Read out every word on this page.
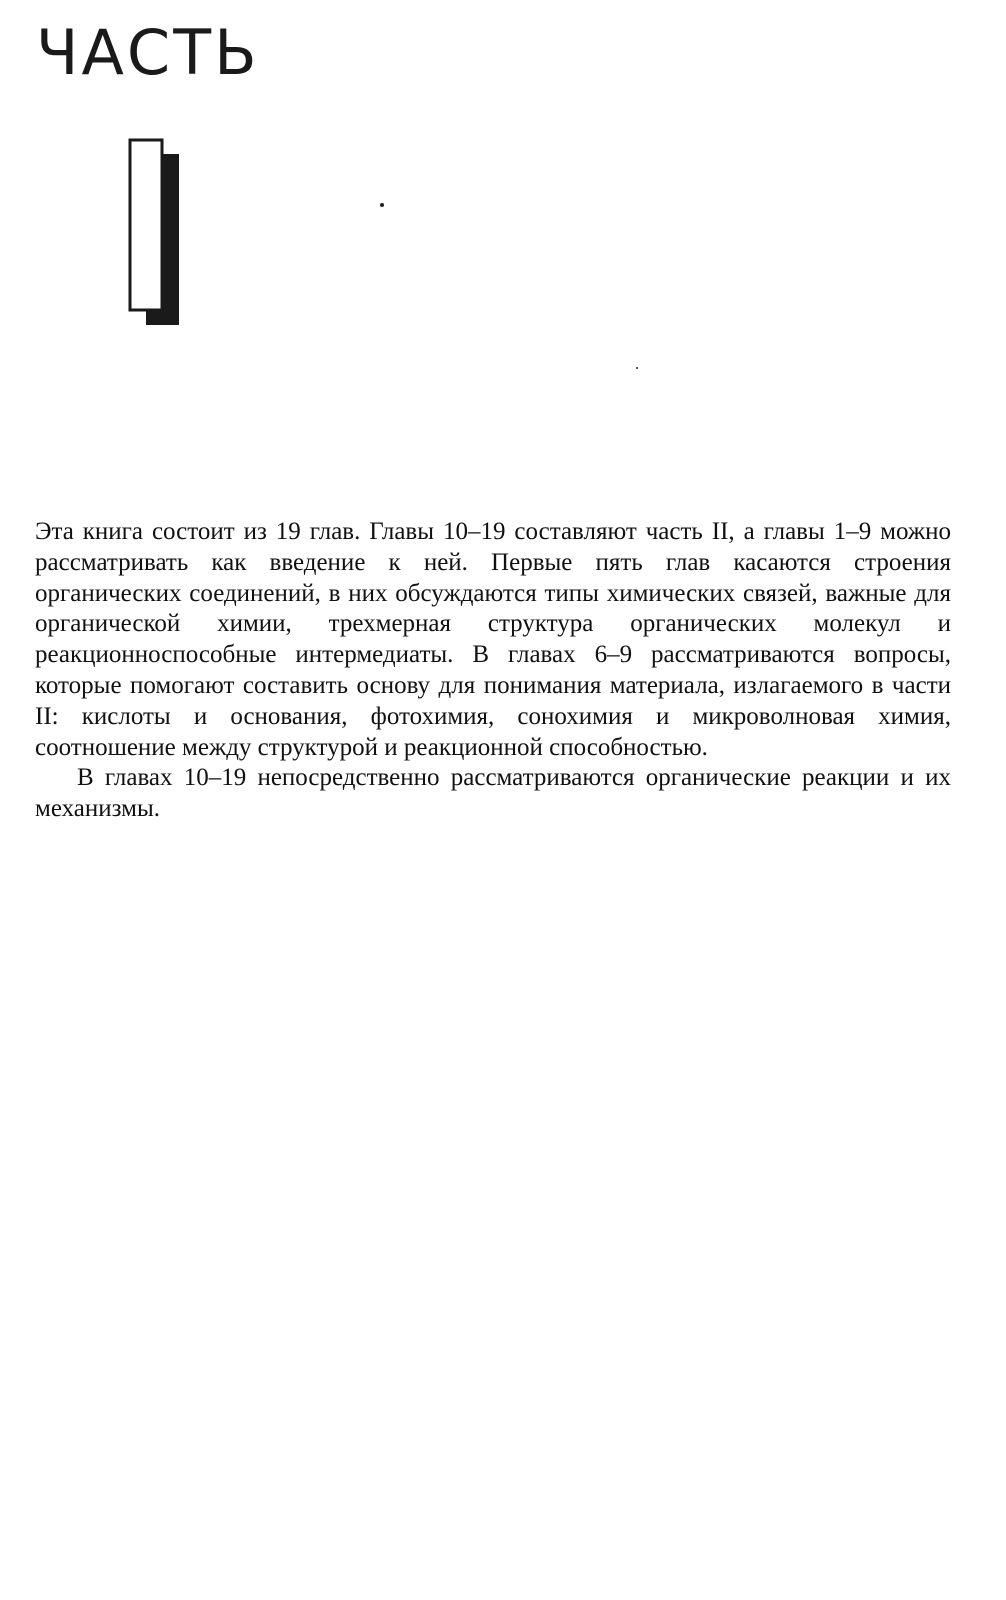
ЧАСТЬ

Эта книга состоит из 19 глав. Главы 10–19 составляют часть II, а главы 1–9 можно рассматривать как введение к ней. Первые пять глав касаются строения органических соединений, в них обсуждаются типы химических связей, важные для органической химии, трехмерная структура органических молекул и реакционноспособные интермедиаты. В главах 6–9 рассматриваются вопросы, которые помогают составить основу для понимания материала, излагаемого в части II: кислоты и основания, фотохимия, сонохимия и микроволновая химия, соотношение между структурой и реакционной способностью.

В главах 10–19 непосредственно рассматриваются органические реакции и их механизмы.
